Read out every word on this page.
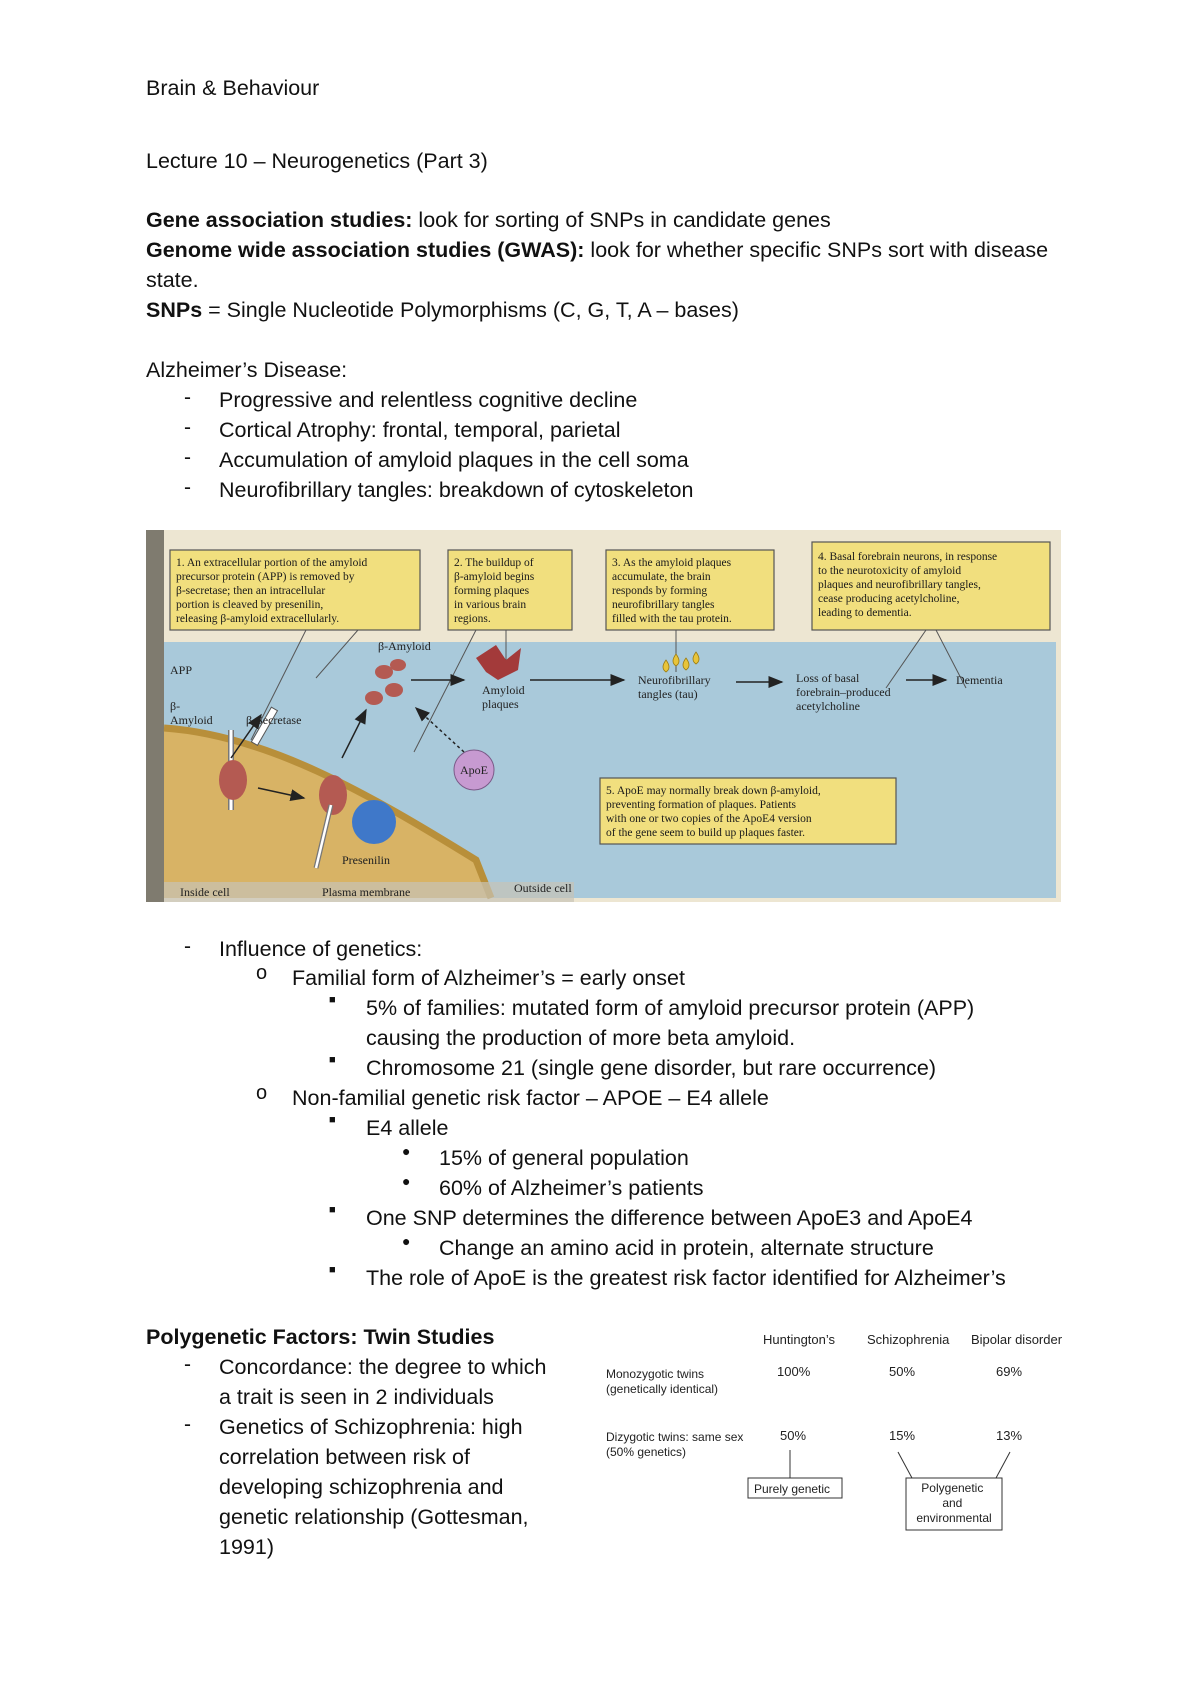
Brain & Behaviour
Lecture 10 – Neurogenetics (Part 3)
Gene association studies: look for sorting of SNPs in candidate genes
Genome wide association studies (GWAS): look for whether specific SNPs sort with disease
state.
SNPs = Single Nucleotide Polymorphisms (C, G, T, A – bases)
Alzheimer’s Disease:
- Progressive and relentless cognitive decline
- Cortical Atrophy: frontal, temporal, parietal
- Accumulation of amyloid plaques in the cell soma
- Neurofibrillary tangles: breakdown of cytoskeleton
1. An extracellular portion of the amyloid precursor protein (APP) is removed by β-secretase; then an intracellular portion is cleaved by presenilin, releasing β-amyloid extracellularly.
2. The buildup of β-amyloid begins forming plaques in various brain regions.
3. As the amyloid plaques accumulate, the brain responds by forming neurofibrillary tangles filled with the tau protein.
4. Basal forebrain neurons, in response to the neurotoxicity of amyloid plaques and neurofibrillary tangles, cease producing acetylcholine, leading to dementia.
5. ApoE may normally break down β-amyloid, preventing formation of plaques. Patients with one or two copies of the ApoE4 version of the gene seem to build up plaques faster.
APP
β-
Amyloid	β-Secretase
β-Amyloid
Amyloid
plaques
Neurofibrillary
tangles (tau)
Loss of basal
forebrain–produced
acetylcholine
Dementia
ApoE
Presenilin
Inside cell	Plasma membrane	Outside cell
- Influence of genetics:
o Familial form of Alzheimer’s = early onset
■ 5% of families: mutated form of amyloid precursor protein (APP)
causing the production of more beta amyloid.
■ Chromosome 21 (single gene disorder, but rare occurrence)
o Non-familial genetic risk factor – APOE – E4 allele
■ E4 allele
● 15% of general population
● 60% of Alzheimer’s patients
■ One SNP determines the difference between ApoE3 and ApoE4
● Change an amino acid in protein, alternate structure
■ The role of ApoE is the greatest risk factor identified for Alzheimer’s
Polygenetic Factors: Twin Studies
- Concordance: the degree to which
a trait is seen in 2 individuals
- Genetics of Schizophrenia: high
correlation between risk of
developing schizophrenia and
genetic relationship (Gottesman,
1991)
Huntington’s Schizophrenia Bipolar disorder
Monozygotic twins
(genetically identical)
100%	50%	69%
Dizygotic twins: same sex
(50% genetics)
50%	15%	13%
Purely genetic	Polygenetic and environmental
